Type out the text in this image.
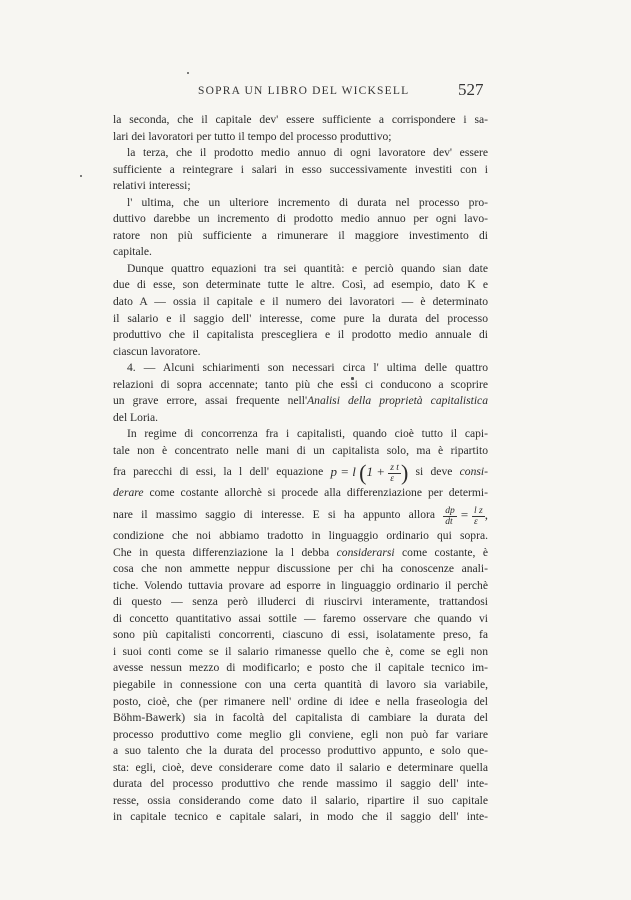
SOPRA UN LIBRO DEL WICKSELL	527
la seconda, che il capitale dev' essere sufficiente a corrispondere i sa-
lari dei lavoratori per tutto il tempo del processo produttivo;
la terza, che il prodotto medio annuo di ogni lavoratore dev' essere
sufficiente a reintegrare i salari in esso successivamente investiti con i
relativi interessi;
l' ultima, che un ulteriore incremento di durata nel processo pro-
duttivo darebbe un incremento di prodotto medio annuo per ogni lavo-
ratore non più sufficiente a rimunerare il maggiore investimento di
capitale.
Dunque quattro equazioni tra sei quantità: e perciò quando sian date
due di esse, son determinate tutte le altre. Così, ad esempio, dato K e
dato A — ossia il capitale e il numero dei lavoratori — è determinato
il salario e il saggio dell' interesse, come pure la durata del processo
produttivo che il capitalista prescegliera e il prodotto medio annuale di
ciascun lavoratore.
4. — Alcuni schiarimenti son necessari circa l' ultima delle quattro
relazioni di sopra accennate; tanto più che essi ci conducono a scoprire
un grave errore, assai frequente nell'Analisi della proprietà capitalistica
del Loria.
In regime di concorrenza fra i capitalisti, quando cioè tutto il capi-
tale non è concentrato nelle mani di un capitalista solo, ma è ripartito
fra parecchi di essi, la l dell' equazione p = l ($1 + \frac{\text{z t}}{\varepsilon}$ ) si deve consi-
derare come costante allorchè si procede alla differenziazione per determi-
nare il massimo saggio di interesse. E si ha appunto allora $\frac{dp}{dt} = \frac{\text{l z}}{\varepsilon}$ ,
condizione che noi abbiamo tradotto in linguaggio ordinario qui sopra.
Che in questa differenziazione la l debba considerarsi come costante, è
cosa che non ammette neppur discussione per chi ha conoscenze anali-
tiche. Volendo tuttavia provare ad esporre in linguaggio ordinario il perchè
di questo — senza però illuderci di riuscirvi interamente, trattandosi
di concetto quantitativo assai sottile — faremo osservare che quando vi
sono più capitalisti concorrenti, ciascuno di essi, isolatamente preso, fa
i suoi conti come se il salario rimanesse quello che è, come se egli non
avesse nessun mezzo di modificarlo; e posto che il capitale tecnico im-
piegabile in connessione con una certa quantità di lavoro sia variabile,
posto, cioè, che (per rimanere nell' ordine di idee e nella fraseologia del
Böhm-Bawerk) sia in facoltà del capitalista di cambiare la durata del
processo produttivo come meglio gli conviene, egli non può far variare
a suo talento che la durata del processo produttivo appunto, e solo que-
sta: egli, cioè, deve considerare come dato il salario e determinare quella
durata del processo produttivo che rende massimo il saggio dell' inte-
resse, ossia considerando come dato il salario, ripartire il suo capitale
in capitale tecnico e capitale salari, in modo che il saggio dell' inte-
